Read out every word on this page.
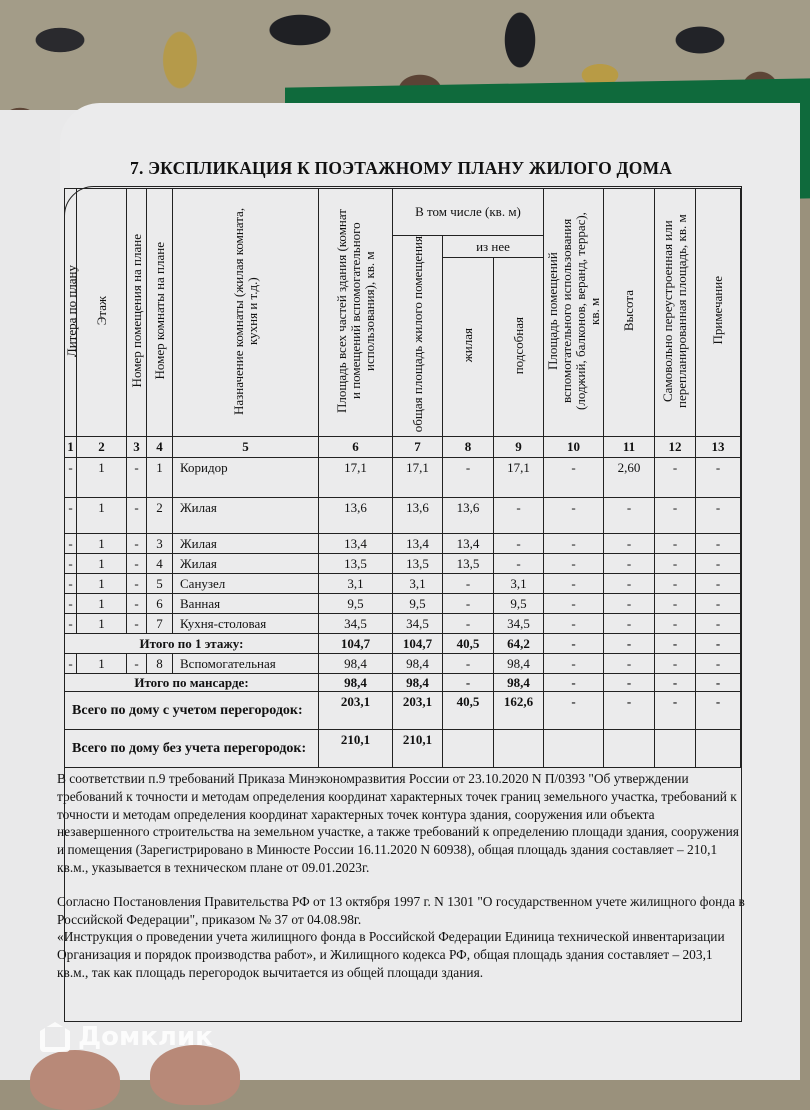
7. ЭКСПЛИКАЦИЯ К ПОЭТАЖНОМУ ПЛАНУ ЖИЛОГО ДОМА
Литера по плану	Этаж	Номер помещения на плане	Номер комнаты на плане	Назначение комнаты (жилая комната, кухня и т.д.)	Площадь всех частей здания (комнат и помещений вспомогательного использования), кв. м	В том числе (кв. м)			Площадь помещений вспомогательного использования (лоджий, балконов, веранд, террас), кв. м	Высота	Самовольно переустроенная или перепланированная площадь, кв. м	Примечание
						общая площадь жилого помещения	из нее					
							жилая	подсобная				
1	2	3	4	5	6	7	8	9	10	11	12	13
-	1	-	1	Коридор	17,1	17,1	-	17,1	-	2,60	-	-
-	1	-	2	Жилая	13,6	13,6	13,6	-	-	-	-	-
-	1	-	3	Жилая	13,4	13,4	13,4	-	-	-	-	-
-	1	-	4	Жилая	13,5	13,5	13,5	-	-	-	-	-
-	1	-	5	Санузел	3,1	3,1	-	3,1	-	-	-	-
-	1	-	6	Ванная	9,5	9,5	-	9,5	-	-	-	-
-	1	-	7	Кухня-столовая	34,5	34,5	-	34,5	-	-	-	-
Итого по 1 этажу:					104,7	104,7	40,5	64,2	-	-	-	-
-	1	-	8	Вспомогательная	98,4	98,4	-	98,4	-	-	-	-
Итого по мансарде:					98,4	98,4	-	98,4	-	-	-	-
Всего по дому с учетом перегородок:					203,1	203,1	40,5	162,6	-	-	-	-
Всего по дому без учета перегородок:					210,1	210,1						

В соответствии п.9 требований Приказа Минэкономразвития России от 23.10.2020 N П/0393 "Об утверждении требований к точности и методам определения координат характерных точек границ земельного участка, требований к точности и методам определения координат характерных точек контура здания, сооружения или объекта незавершенного строительства на земельном участке, а также требований к определению площади здания, сооружения и помещения (Зарегистрировано в Минюсте России 16.11.2020 N 60938), общая площадь здания составляет – 210,1 кв.м., указывается в техническом плане от 09.01.2023г.

Согласно Постановления Правительства РФ от 13 октября 1997 г. N 1301 "О государственном учете жилищного фонда в Российской Федерации", приказом № 37 от 04.08.98г.

«Инструкция о проведении учета жилищного фонда в Российской Федерации Единица технической инвентаризации Организация и порядок производства работ», и Жилищного кодекса РФ, общая площадь здания составляет – 203,1 кв.м., так как площадь перегородок вычитается из общей площади здания.

Домклик
